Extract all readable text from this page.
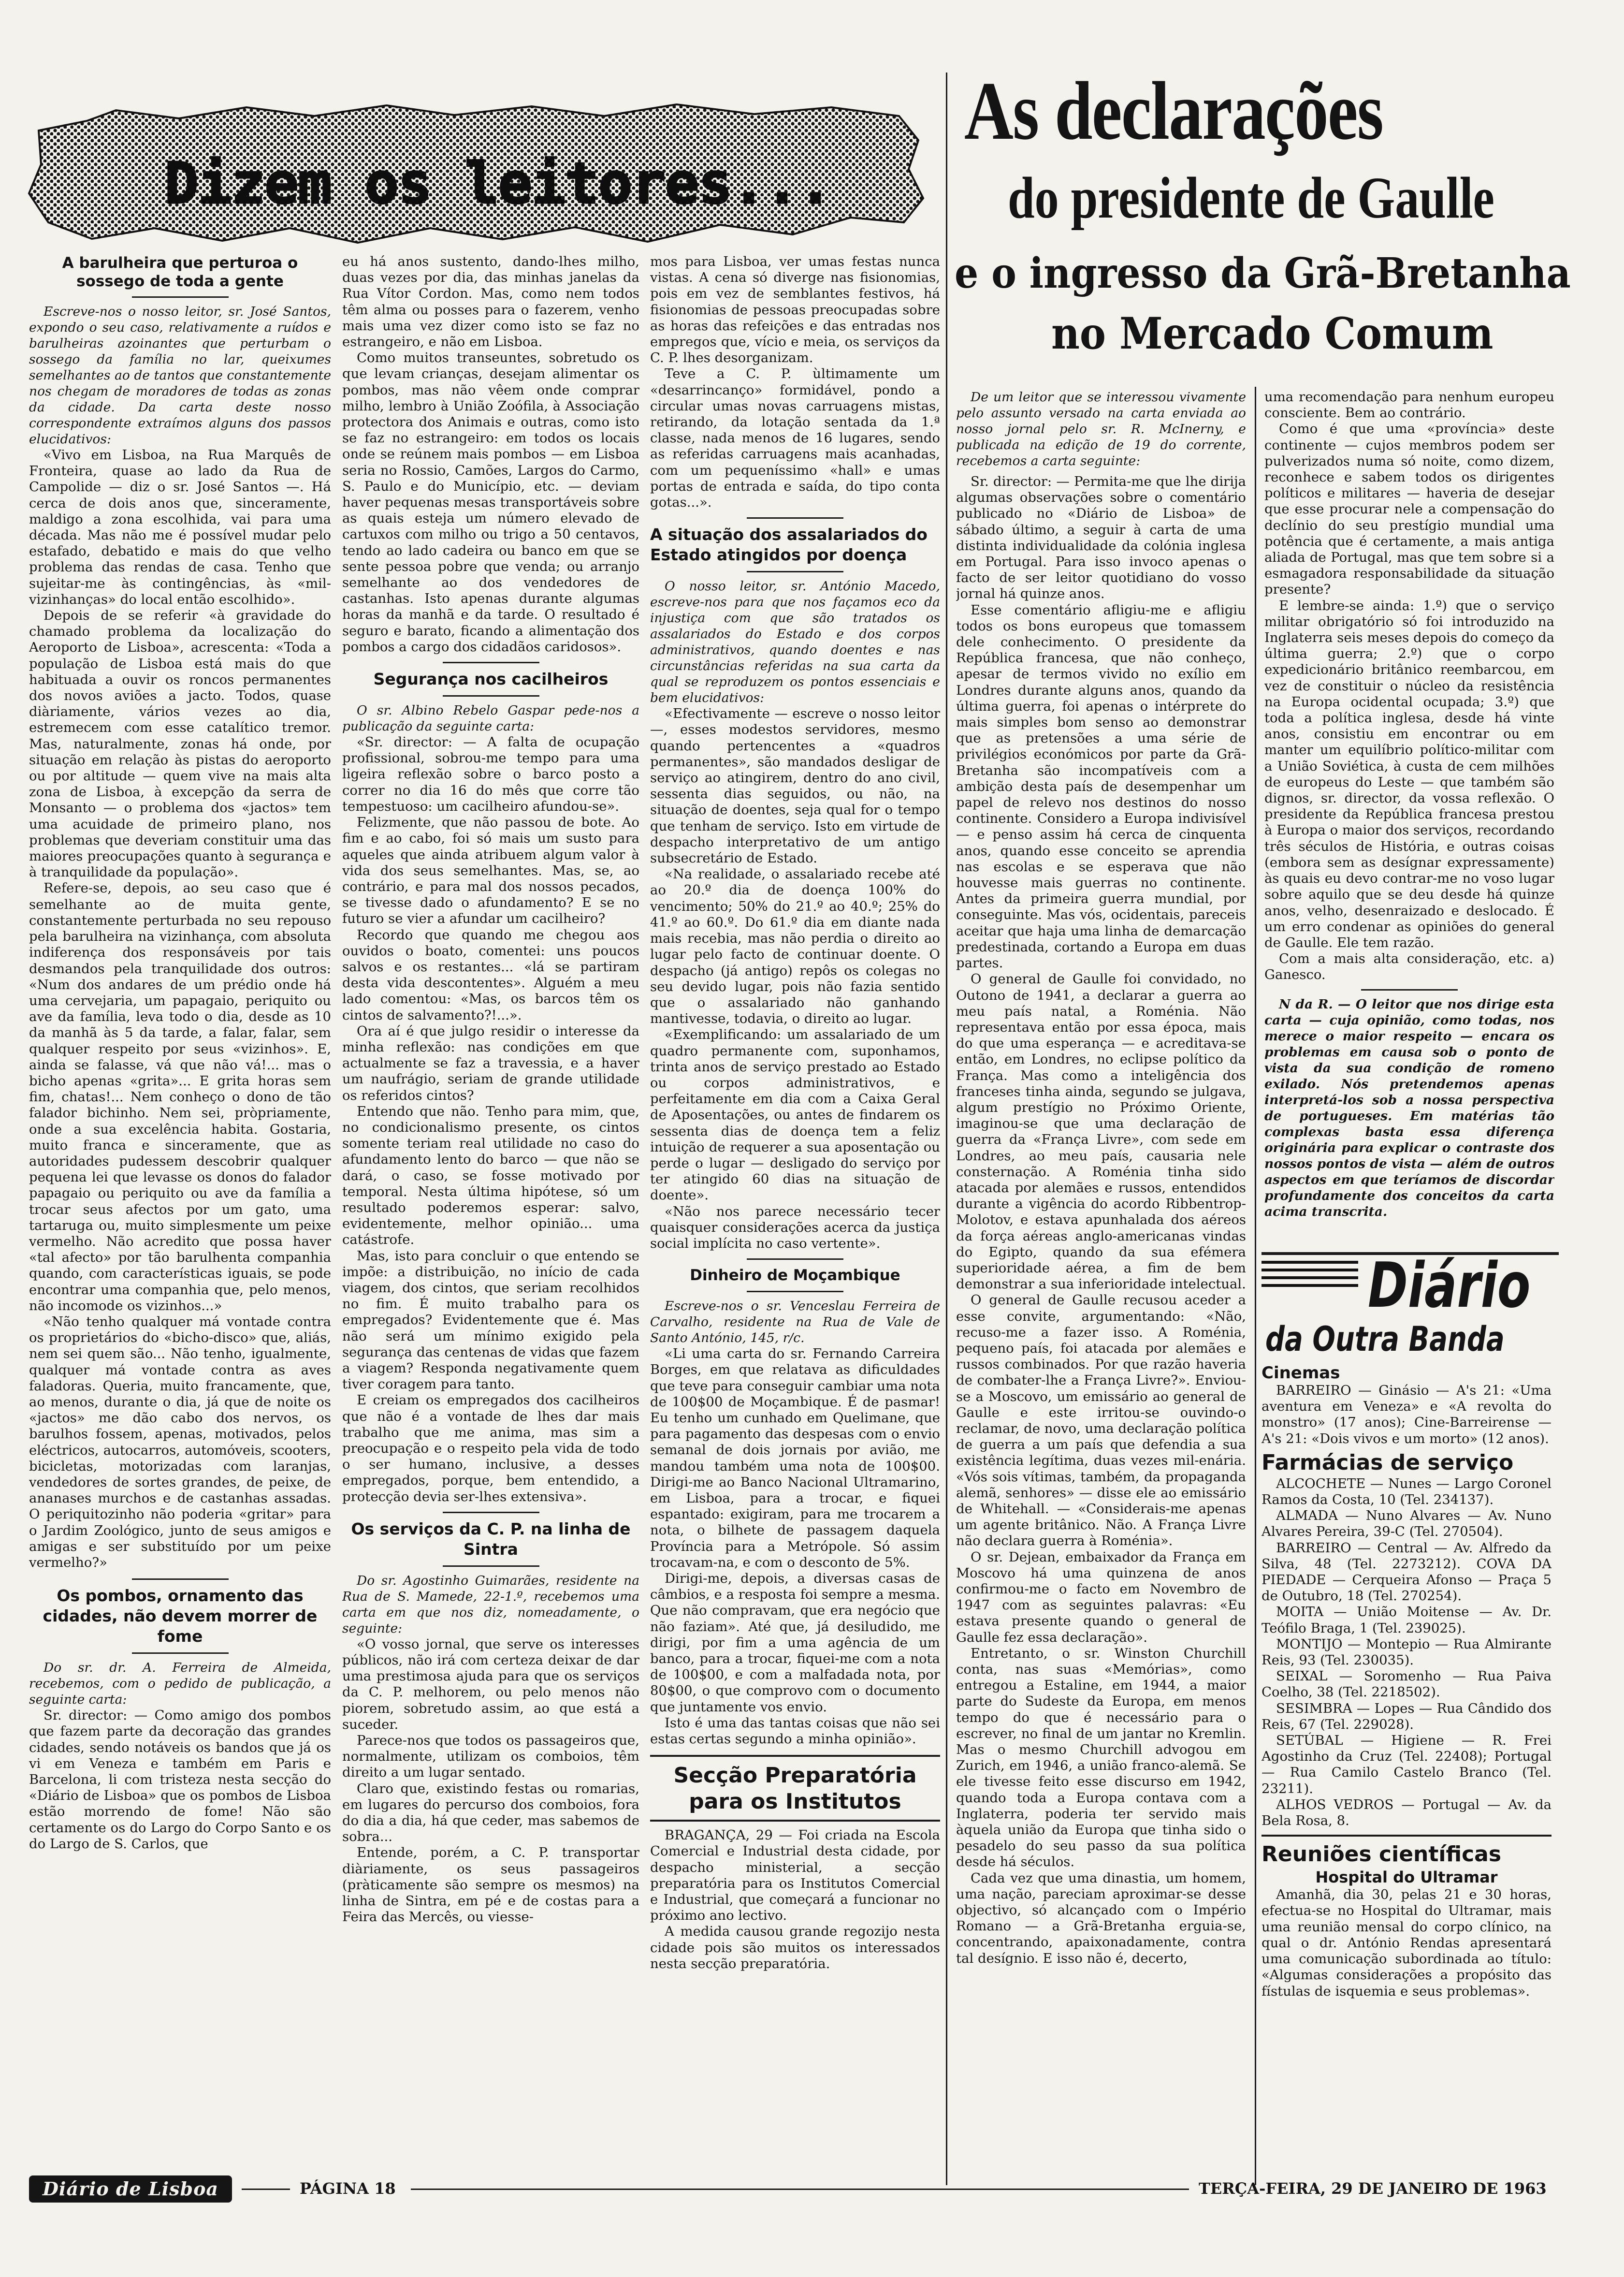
Dizem os leitores...

A barulheira que perturoa o sossego de toda a gente

Escreve-nos o nosso leitor, sr. José Santos, expondo o seu caso, relativamente a ruídos e barulheiras azoinantes que perturbam o sossego da família no lar, queixumes semelhantes ao de tantos que constantemente nos chegam de moradores de todas as zonas da cidade. Da carta deste nosso correspondente extraímos alguns dos passos elucidativos:

«Vivo em Lisboa, na Rua Marquês de Fronteira, quase ao lado da Rua de Campolide — diz o sr. José Santos —. Há cerca de dois anos que, sinceramente, maldigo a zona escolhida, vai para uma década. Mas não me é possível mudar pelo estafado, debatido e mais do que velho problema das rendas de casa. Tenho que sujeitar-me às contingências, às «mil-vizinhanças» do local então escolhido».

Depois de se referir «à gravidade do chamado problema da localização do Aeroporto de Lisboa», acrescenta: «Toda a população de Lisboa está mais do que habituada a ouvir os roncos permanentes dos novos aviões a jacto. Todos, quase diàriamente, vários vezes ao dia, estremecem com esse catalítico tremor. Mas, naturalmente, zonas há onde, por situação em relação às pistas do aeroporto ou por altitude — quem vive na mais alta zona de Lisboa, à excepção da serra de Monsanto — o problema dos «jactos» tem uma acuidade de primeiro plano, nos problemas que deveriam constituir uma das maiores preocupações quanto à segurança e à tranquilidade da população».

Refere-se, depois, ao seu caso que é semelhante ao de muita gente, constantemente perturbada no seu repouso pela barulheira na vizinhança, com absoluta indiferença dos responsáveis por tais desmandos pela tranquilidade dos outros: «Num dos andares de um prédio onde há uma cervejaria, um papagaio, periquito ou ave da família, leva todo o dia, desde as 10 da manhã às 5 da tarde, a falar, falar, sem qualquer respeito por seus «vizinhos». E, ainda se falasse, vá que não vá!... mas o bicho apenas «grita»... E grita horas sem fim, chatas!... Nem conheço o dono de tão falador bichinho. Nem sei, pròpriamente, onde a sua excelência habita. Gostaria, muito franca e sinceramente, que as autoridades pudessem descobrir qualquer pequena lei que levasse os donos do falador papagaio ou periquito ou ave da família a trocar seus afectos por um gato, uma tartaruga ou, muito simplesmente um peixe vermelho. Não acredito que possa haver «tal afecto» por tão barulhenta companhia quando, com características iguais, se pode encontrar uma companhia que, pelo menos, não incomode os vizinhos...»

«Não tenho qualquer má vontade contra os proprietários do «bicho-disco» que, aliás, nem sei quem são... Não tenho, igualmente, qualquer má vontade contra as aves faladoras. Queria, muito francamente, que, ao menos, durante o dia, já que de noite os «jactos» me dão cabo dos nervos, os barulhos fossem, apenas, motivados, pelos eléctricos, autocarros, automóveis, scooters, bicicletas, motorizadas com laranjas, vendedores de sortes grandes, de peixe, de ananases murchos e de castanhas assadas. O periquitozinho não poderia «gritar» para o Jardim Zoológico, junto de seus amigos e amigas e ser substituído por um peixe vermelho?»

Os pombos, ornamento das cidades, não devem morrer de fome

Do sr. dr. A. Ferreira de Almeida, recebemos, com o pedido de publicação, a seguinte carta:

Sr. director: — Como amigo dos pombos que fazem parte da decoração das grandes cidades, sendo notáveis os bandos que já os vi em Veneza e também em Paris e Barcelona, li com tristeza nesta secção do «Diário de Lisboa» que os pombos de Lisboa estão morrendo de fome! Não são certamente os do Largo do Corpo Santo e os do Largo de S. Carlos, que

eu há anos sustento, dando-lhes milho, duas vezes por dia, das minhas janelas da Rua Vítor Cordon. Mas, como nem todos têm alma ou posses para o fazerem, venho mais uma vez dizer como isto se faz no estrangeiro, e não em Lisboa.

Como muitos transeuntes, sobretudo os que levam crianças, desejam alimentar os pombos, mas não vêem onde comprar milho, lembro à União Zoófila, à Associação protectora dos Animais e outras, como isto se faz no estrangeiro: em todos os locais onde se reúnem mais pombos — em Lisboa seria no Rossio, Camões, Largos do Carmo, S. Paulo e do Município, etc. — deviam haver pequenas mesas transportáveis sobre as quais esteja um número elevado de cartuxos com milho ou trigo a 50 centavos, tendo ao lado cadeira ou banco em que se sente pessoa pobre que venda; ou arranjo semelhante ao dos vendedores de castanhas. Isto apenas durante algumas horas da manhã e da tarde. O resultado é seguro e barato, ficando a alimentação dos pombos a cargo dos cidadãos caridosos».

Segurança nos cacilheiros

O sr. Albino Rebelo Gaspar pede-nos a publicação da seguinte carta:

«Sr. director: — A falta de ocupação profissional, sobrou-me tempo para uma ligeira reflexão sobre o barco posto a correr no dia 16 do mês que corre tão tempestuoso: um cacilheiro afundou-se».

Felizmente, que não passou de bote. Ao fim e ao cabo, foi só mais um susto para aqueles que ainda atribuem algum valor à vida dos seus semelhantes. Mas, se, ao contrário, e para mal dos nossos pecados, se tivesse dado o afundamento? E se no futuro se vier a afundar um cacilheiro?

Recordo que quando me chegou aos ouvidos o boato, comentei: uns poucos salvos e os restantes... «lá se partiram desta vida descontentes». Alguém a meu lado comentou: «Mas, os barcos têm os cintos de salvamento?!...».

Ora aí é que julgo residir o interesse da minha reflexão: nas condições em que actualmente se faz a travessia, e a haver um naufrágio, seriam de grande utilidade os referidos cintos?

Entendo que não. Tenho para mim, que, no condicionalismo presente, os cintos somente teriam real utilidade no caso do afundamento lento do barco — que não se dará, o caso, se fosse motivado por temporal. Nesta última hipótese, só um resultado poderemos esperar: salvo, evidentemente, melhor opinião... uma catástrofe.

Mas, isto para concluir o que entendo se impõe: a distribuição, no início de cada viagem, dos cintos, que seriam recolhidos no fim. É muito trabalho para os empregados? Evidentemente que é. Mas não será um mínimo exigido pela segurança das centenas de vidas que fazem a viagem? Responda negativamente quem tiver coragem para tanto.

E creiam os empregados dos cacilheiros que não é a vontade de lhes dar mais trabalho que me anima, mas sim a preocupação e o respeito pela vida de todo o ser humano, inclusive, a desses empregados, porque, bem entendido, a protecção devia ser-lhes extensiva».

Os serviços da C. P. na linha de Sintra

Do sr. Agostinho Guimarães, residente na Rua de S. Mamede, 22-1.º, recebemos uma carta em que nos diz, nomeadamente, o seguinte:

«O vosso jornal, que serve os interesses públicos, não irá com certeza deixar de dar uma prestimosa ajuda para que os serviços da C. P. melhorem, ou pelo menos não piorem, sobretudo assim, ao que está a suceder.

Parece-nos que todos os passageiros que, normalmente, utilizam os comboios, têm direito a um lugar sentado.

Claro que, existindo festas ou romarias, em lugares do percurso dos comboios, fora do dia a dia, há que ceder, mas sabemos de sobra...

Entende, porém, a C. P. transportar diàriamente, os seus passageiros (pràticamente são sempre os mesmos) na linha de Sintra, em pé e de costas para a Feira das Mercês, ou viesse-

mos para Lisboa, ver umas festas nunca vistas. A cena só diverge nas fisionomias, pois em vez de semblantes festivos, há fisionomias de pessoas preocupadas sobre as horas das refeições e das entradas nos empregos que, vício e meia, os serviços da C. P. lhes desorganizam.

Teve a C. P. ùltimamente um «desarrincanço» formidável, pondo a circular umas novas carruagens mistas, retirando, da lotação sentada da 1.ª classe, nada menos de 16 lugares, sendo as referidas carruagens mais acanhadas, com um pequeníssimo «hall» e umas portas de entrada e saída, do tipo conta gotas...».

A situação dos assalariados do Estado atingidos por doença

O nosso leitor, sr. António Macedo, escreve-nos para que nos façamos eco da injustiça com que são tratados os assalariados do Estado e dos corpos administrativos, quando doentes e nas circunstâncias referidas na sua carta da qual se reproduzem os pontos essenciais e bem elucidativos:

«Efectivamente — escreve o nosso leitor —, esses modestos servidores, mesmo quando pertencentes a «quadros permanentes», são mandados desligar de serviço ao atingirem, dentro do ano civil, sessenta dias seguidos, ou não, na situação de doentes, seja qual for o tempo que tenham de serviço. Isto em virtude de despacho interpretativo de um antigo subsecretário de Estado.

«Na realidade, o assalariado recebe até ao 20.º dia de doença 100% do vencimento; 50% do 21.º ao 40.º; 25% do 41.º ao 60.º. Do 61.º dia em diante nada mais recebia, mas não perdia o direito ao lugar pelo facto de continuar doente. O despacho (já antigo) repôs os colegas no seu devido lugar, pois não fazia sentido que o assalariado não ganhando mantivesse, todavia, o direito ao lugar.

«Exemplificando: um assalariado de um quadro permanente com, suponhamos, trinta anos de serviço prestado ao Estado ou corpos administrativos, e perfeitamente em dia com a Caixa Geral de Aposentações, ou antes de findarem os sessenta dias de doença tem a feliz intuição de requerer a sua aposentação ou perde o lugar — desligado do serviço por ter atingido 60 dias na situação de doente».

«Não nos parece necessário tecer quaisquer considerações acerca da justiça social implícita no caso vertente».

Dinheiro de Moçambique

Escreve-nos o sr. Venceslau Ferreira de Carvalho, residente na Rua de Vale de Santo António, 145, r/c.

«Li uma carta do sr. Fernando Carreira Borges, em que relatava as dificuldades que teve para conseguir cambiar uma nota de 100$00 de Moçambique. É de pasmar! Eu tenho um cunhado em Quelimane, que para pagamento das despesas com o envio semanal de dois jornais por avião, me mandou também uma nota de 100$00. Dirigi-me ao Banco Nacional Ultramarino, em Lisboa, para a trocar, e fiquei espantado: exigiram, para me trocarem a nota, o bilhete de passagem daquela Província para a Metrópole. Só assim trocavam-na, e com o desconto de 5%.

Dirigi-me, depois, a diversas casas de câmbios, e a resposta foi sempre a mesma. Que não compravam, que era negócio que não faziam». Até que, já desiludido, me dirigi, por fim a uma agência de um banco, para a trocar, fiquei-me com a nota de 100$00, e com a malfadada nota, por 80$00, o que comprovo com o documento que juntamente vos envio.

Isto é uma das tantas coisas que não sei estas certas segundo a minha opinião».

Secção Preparatória para os Institutos

BRAGANÇA, 29 — Foi criada na Escola Comercial e Industrial desta cidade, por despacho ministerial, a secção preparatória para os Institutos Comercial e Industrial, que começará a funcionar no próximo ano lectivo.

A medida causou grande regozijo nesta cidade pois são muitos os interessados nesta secção preparatória.

As declarações
do presidente de Gaulle
e o ingresso da Grã-Bretanha
no Mercado Comum

De um leitor que se interessou vivamente pelo assunto versado na carta enviada ao nosso jornal pelo sr. R. McInerny, e publicada na edição de 19 do corrente, recebemos a carta seguinte:

Sr. director: — Permita-me que lhe dirija algumas observações sobre o comentário publicado no «Diário de Lisboa» de sábado último, a seguir à carta de uma distinta individualidade da colónia inglesa em Portugal. Para isso invoco apenas o facto de ser leitor quotidiano do vosso jornal há quinze anos.

Esse comentário afligiu-me e afligiu todos os bons europeus que tomassem dele conhecimento. O presidente da República francesa, que não conheço, apesar de termos vivido no exílio em Londres durante alguns anos, quando da última guerra, foi apenas o intérprete do mais simples bom senso ao demonstrar que as pretensões a uma série de privilégios económicos por parte da Grã-Bretanha são incompatíveis com a ambição desta país de desempenhar um papel de relevo nos destinos do nosso continente. Considero a Europa indivisível — e penso assim há cerca de cinquenta anos, quando esse conceito se aprendia nas escolas e se esperava que não houvesse mais guerras no continente. Antes da primeira guerra mundial, por conseguinte. Mas vós, ocidentais, pareceis aceitar que haja uma linha de demarcação predestinada, cortando a Europa em duas partes.

O general de Gaulle foi convidado, no Outono de 1941, a declarar a guerra ao meu país natal, a Roménia. Não representava então por essa época, mais do que uma esperança — e acreditava-se então, em Londres, no eclipse político da França. Mas como a inteligência dos franceses tinha ainda, segundo se julgava, algum prestígio no Próximo Oriente, imaginou-se que uma declaração de guerra da «França Livre», com sede em Londres, ao meu país, causaria nele consternação. A Roménia tinha sido atacada por alemães e russos, entendidos durante a vigência do acordo Ribbentrop-Molotov, e estava apunhalada dos aéreos da força aéreas anglo-americanas vindas do Egipto, quando da sua efémera superioridade aérea, a fim de bem demonstrar a sua inferioridade intelectual.

O general de Gaulle recusou aceder a esse convite, argumentando: «Não, recuso-me a fazer isso. A Roménia, pequeno país, foi atacada por alemães e russos combinados. Por que razão haveria de combater-lhe a França Livre?». Enviou-se a Moscovo, um emissário ao general de Gaulle e este irritou-se ouvindo-o reclamar, de novo, uma declaração política de guerra a um país que defendia a sua existência legítima, duas vezes mil-enária. «Vós sois vítimas, também, da propaganda alemã, senhores» — disse ele ao emissário de Whitehall. — «Considerais-me apenas um agente britânico. Não. A França Livre não declara guerra à Roménia».

O sr. Dejean, embaixador da França em Moscovo há uma quinzena de anos confirmou-me o facto em Novembro de 1947 com as seguintes palavras: «Eu estava presente quando o general de Gaulle fez essa declaração».

Entretanto, o sr. Winston Churchill conta, nas suas «Memórias», como entregou a Estaline, em 1944, a maior parte do Sudeste da Europa, em menos tempo do que é necessário para o escrever, no final de um jantar no Kremlin. Mas o mesmo Churchill advogou em Zurich, em 1946, a união franco-alemã. Se ele tivesse feito esse discurso em 1942, quando toda a Europa contava com a Inglaterra, poderia ter servido mais àquela união da Europa que tinha sido o pesadelo do seu passo da sua política desde há séculos.

Cada vez que uma dinastia, um homem, uma nação, pareciam aproximar-se desse objectivo, só alcançado com o Império Romano — a Grã-Bretanha erguia-se, concentrando, apaixonadamente, contra tal desígnio. E isso não é, decerto,

uma recomendação para nenhum europeu consciente. Bem ao contrário.

Como é que uma «província» deste continente — cujos membros podem ser pulverizados numa só noite, como dizem, reconhece e sabem todos os dirigentes políticos e militares — haveria de desejar que esse procurar nele a compensação do declínio do seu prestígio mundial uma potência que é certamente, a mais antiga aliada de Portugal, mas que tem sobre si a esmagadora responsabilidade da situação presente?

E lembre-se ainda: 1.º) que o serviço militar obrigatório só foi introduzido na Inglaterra seis meses depois do começo da última guerra; 2.º) que o corpo expedicionário britânico reembarcou, em vez de constituir o núcleo da resistência na Europa ocidental ocupada; 3.º) que toda a política inglesa, desde há vinte anos, consistiu em encontrar ou em manter um equilíbrio político-militar com a União Soviética, à custa de cem milhões de europeus do Leste — que também são dignos, sr. director, da vossa reflexão. O presidente da República francesa prestou à Europa o maior dos serviços, recordando três séculos de História, e outras coisas (embora sem as desígnar expressamente) às quais eu devo contrar-me no voso lugar sobre aquilo que se deu desde há quinze anos, velho, desenraizado e deslocado. É um erro condenar as opiniões do general de Gaulle. Ele tem razão.

Com a mais alta consideração, etc. a) Ganesco.

N da R. — O leitor que nos dirige esta carta — cuja opinião, como todas, nos merece o maior respeito — encara os problemas em causa sob o ponto de vista da sua condição de romeno exilado. Nós pretendemos apenas interpretá-los sob a nossa perspectiva de portugueses. Em matérias tão complexas basta essa diferença originária para explicar o contraste dos nossos pontos de vista — além de outros aspectos em que teríamos de discordar profundamente dos conceitos da carta acima transcrita.

Diário
da Outra Banda

Cinemas

BARREIRO — Ginásio — A's 21: «Uma aventura em Veneza» e «A revolta do monstro» (17 anos); Cine-Barreirense — A's 21: «Dois vivos e um morto» (12 anos).

Farmácias de serviço

ALCOCHETE — Nunes — Largo Coronel Ramos da Costa, 10 (Tel. 234137).

ALMADA — Nuno Alvares — Av. Nuno Alvares Pereira, 39-C (Tel. 270504).

BARREIRO — Central — Av. Alfredo da Silva, 48 (Tel. 2273212). COVA DA PIEDADE — Cerqueira Afonso — Praça 5 de Outubro, 18 (Tel. 270254).

MOITA — União Moitense — Av. Dr. Teófilo Braga, 1 (Tel. 239025).

MONTIJO — Montepio — Rua Almirante Reis, 93 (Tel. 230035).

SEIXAL — Soromenho — Rua Paiva Coelho, 38 (Tel. 2218502).

SESIMBRA — Lopes — Rua Cândido dos Reis, 67 (Tel. 229028).

SETÚBAL — Higiene — R. Frei Agostinho da Cruz (Tel. 22408); Portugal — Rua Camilo Castelo Branco (Tel. 23211).

ALHOS VEDROS — Portugal — Av. da Bela Rosa, 8.

Reuniões científicas

Hospital do Ultramar

Amanhã, dia 30, pelas 21 e 30 horas, efectua-se no Hospital do Ultramar, mais uma reunião mensal do corpo clínico, na qual o dr. António Rendas apresentará uma comunicação subordinada ao título: «Algumas considerações a propósito das fístulas de isquemia e seus problemas».

Diário de Lisboa	PÁGINA 18	TERÇA-FEIRA, 29 DE JANEIRO DE 1963
